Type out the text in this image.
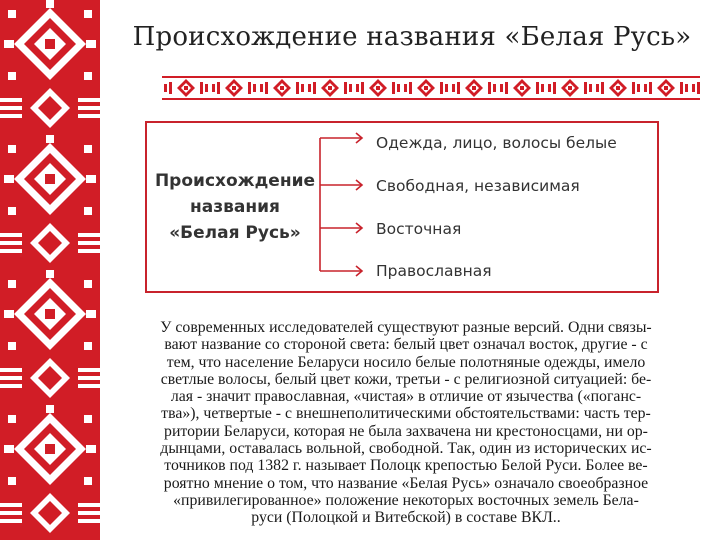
Происхождение названия «Белая Русь»
Происхождение
названия
«Белая Русь»
Одежда, лицо, волосы белые
Свободная, независимая
Восточная
Православная
У современных исследователей существуют разные версий. Одни связы-
вают название со стороной света: белый цвет означал восток, другие - с
тем, что население Беларуси носило белые полотняные одежды, имело
светлые волосы, белый цвет кожи, третьи - с религиозной ситуацией: бе-
лая - значит православная, «чистая» в отличие от язычества («поганс-
тва»), четвертые - с внешнеполитическими обстоятельствами: часть тер-
ритории Беларуси, которая не была захвачена ни крестоносцами, ни ор-
дынцами, оставалась вольной, свободной. Так, один из исторических ис-
точников под 1382 г. называет Полоцк крепостью Белой Руси. Более ве-
роятно мнение о том, что название «Белая Русь» означало своеобразное
«привилегированное» положение некоторых восточных земель Бела-
руси (Полоцкой и Витебской) в составе ВКЛ..
